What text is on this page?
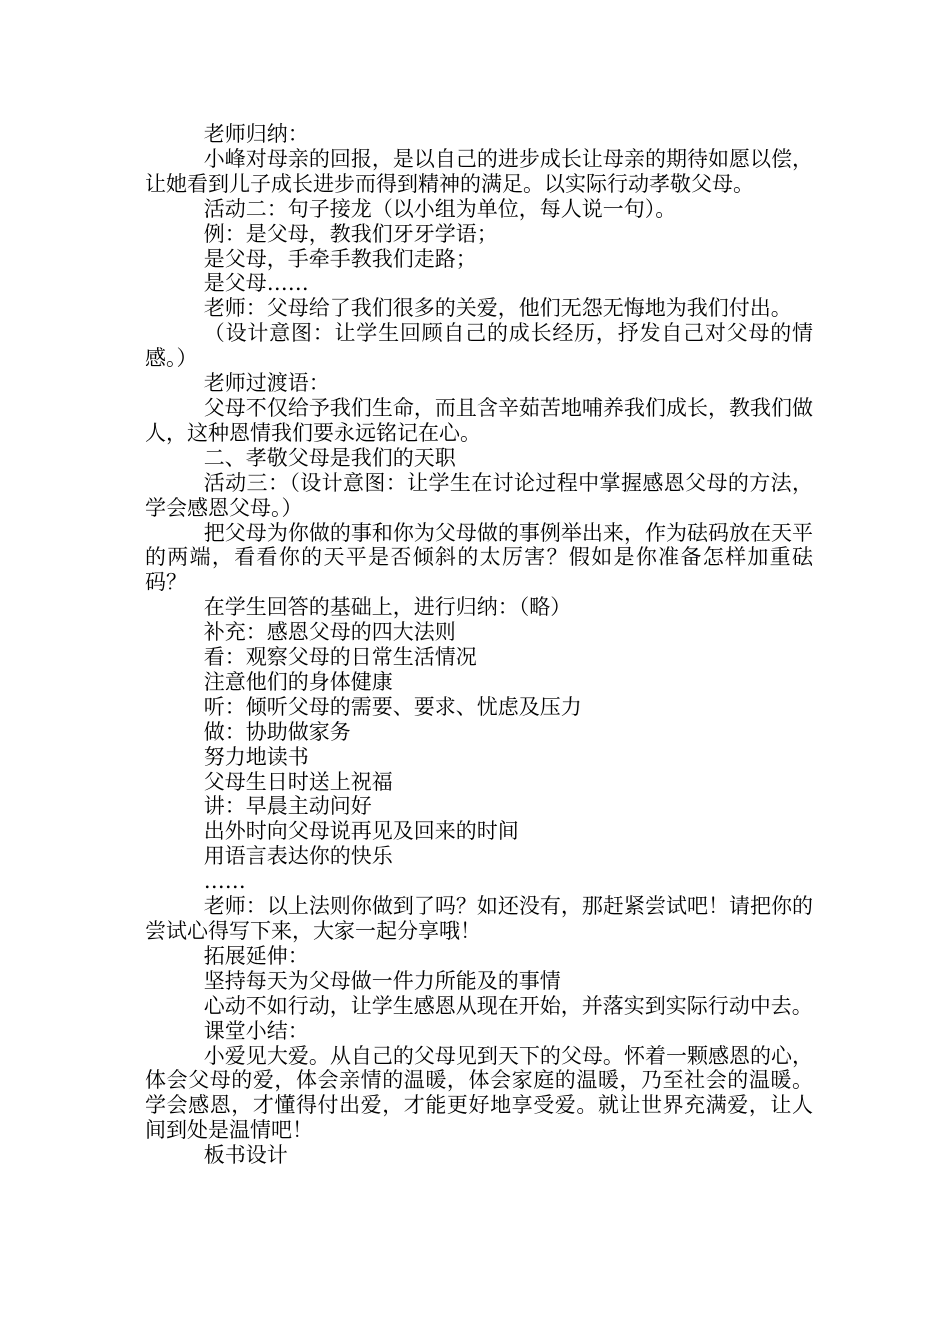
老师归纳：

小峰对母亲的回报，是以自己的进步成长让母亲的期待如愿以偿，让她看到儿子成长进步而得到精神的满足。以实际行动孝敬父母。

活动二：句子接龙（以小组为单位，每人说一句）。

例：是父母，教我们牙牙学语；

是父母，手牵手教我们走路；

是父母……

老师：父母给了我们很多的关爱，他们无怨无悔地为我们付出。

（设计意图：让学生回顾自己的成长经历，抒发自己对父母的情感。）

老师过渡语：

父母不仅给予我们生命，而且含辛茹苦地哺养我们成长，教我们做人，这种恩情我们要永远铭记在心。

二、孝敬父母是我们的天职

活动三：（设计意图：让学生在讨论过程中掌握感恩父母的方法，学会感恩父母。）

把父母为你做的事和你为父母做的事例举出来，作为砝码放在天平的两端，看看你的天平是否倾斜的太厉害？假如是你准备怎样加重砝码？

在学生回答的基础上，进行归纳：（略）

补充：感恩父母的四大法则

看：观察父母的日常生活情况

注意他们的身体健康

听：倾听父母的需要、要求、忧虑及压力

做：协助做家务

努力地读书

父母生日时送上祝福

讲：早晨主动问好

出外时向父母说再见及回来的时间

用语言表达你的快乐

……

老师：以上法则你做到了吗？如还没有，那赶紧尝试吧！请把你的尝试心得写下来，大家一起分享哦！

拓展延伸：

坚持每天为父母做一件力所能及的事情

心动不如行动，让学生感恩从现在开始，并落实到实际行动中去。

课堂小结：

小爱见大爱。从自己的父母见到天下的父母。怀着一颗感恩的心，体会父母的爱，体会亲情的温暖，体会家庭的温暖，乃至社会的温暖。学会感恩，才懂得付出爱，才能更好地享受爱。就让世界充满爱，让人间到处是温情吧！

板书设计
